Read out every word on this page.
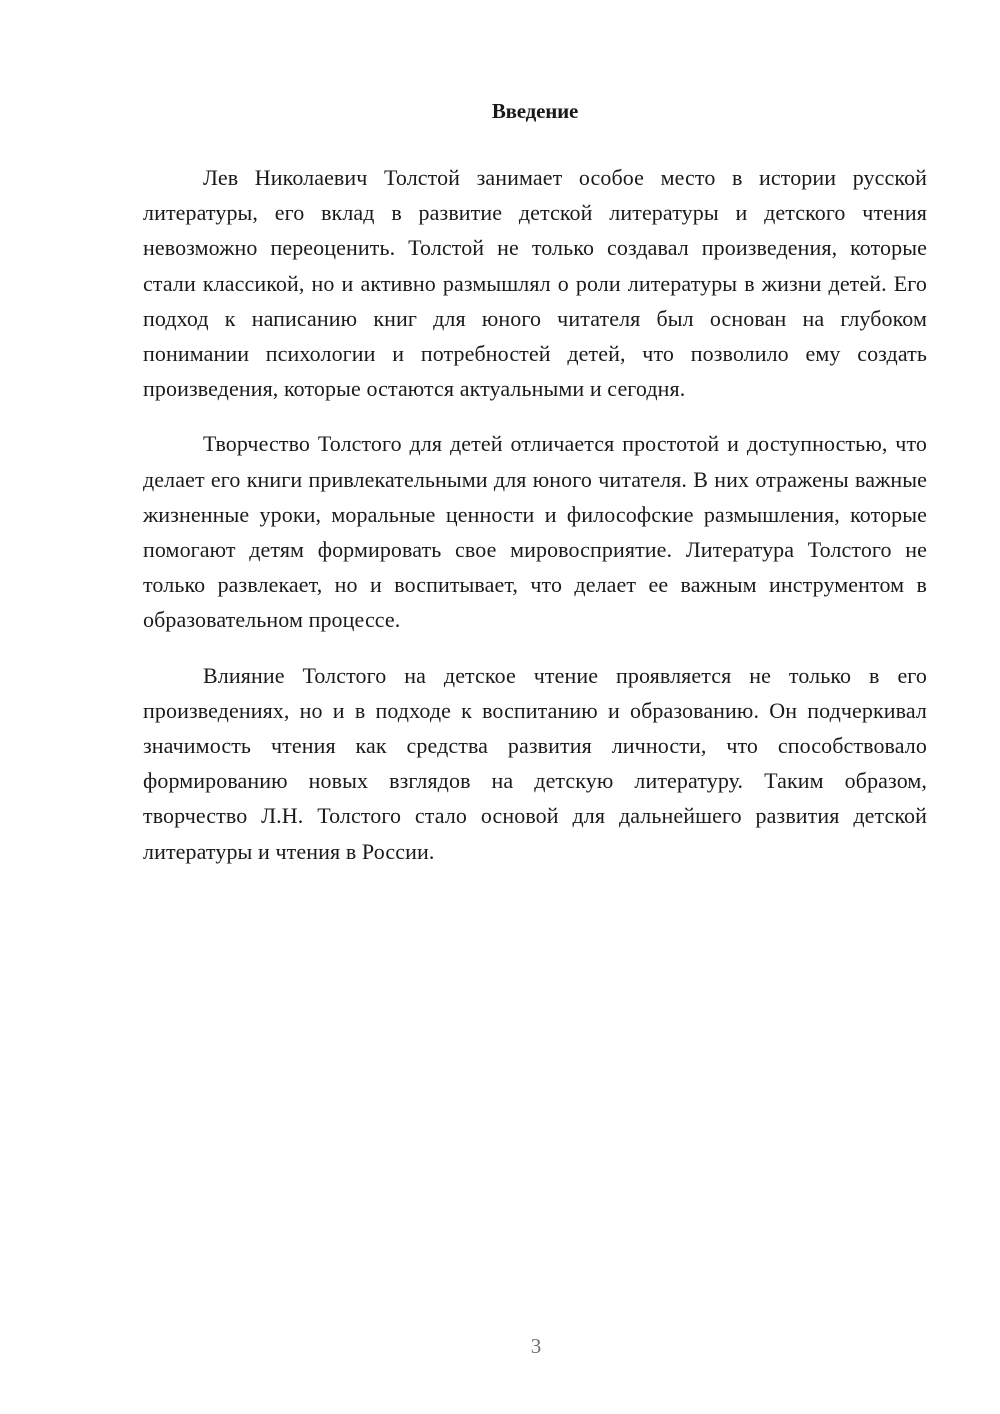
Введение

Лев Николаевич Толстой занимает особое место в истории русской литературы, его вклад в развитие детской литературы и детского чтения невозможно переоценить. Толстой не только создавал произведения, которые стали классикой, но и активно размышлял о роли литературы в жизни детей. Его подход к написанию книг для юного читателя был основан на глубоком понимании психологии и потребностей детей, что позволило ему создать произведения, которые остаются актуальными и сегодня.

Творчество Толстого для детей отличается простотой и доступностью, что делает его книги привлекательными для юного читателя. В них отражены важные жизненные уроки, моральные ценности и философские размышления, которые помогают детям формировать свое мировосприятие. Литература Толстого не только развлекает, но и воспитывает, что делает ее важным инструментом в образовательном процессе.

Влияние Толстого на детское чтение проявляется не только в его произведениях, но и в подходе к воспитанию и образованию. Он подчеркивал значимость чтения как средства развития личности, что способствовало формированию новых взглядов на детскую литературу. Таким образом, творчество Л.Н. Толстого стало основой для дальнейшего развития детской литературы и чтения в России.

3
